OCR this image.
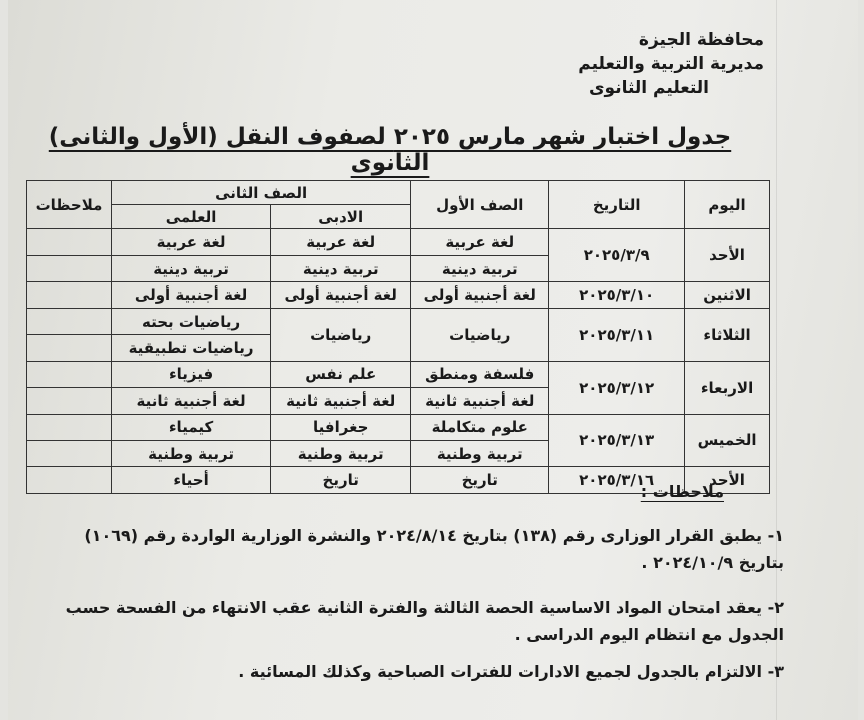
محافظة الجيزة
مديرية التربية والتعليم
التعليم الثانوى
جدول اختبار شهر مارس ٢٠٢٥ لصفوف النقل (الأول والثانى) الثانوى
اليوم	التاريخ	الصف الأول	الصف الثانى		ملاحظات
			الادبى	العلمى	
الأحد	٢٠٢٥/٣/٩	لغة عربية	لغة عربية	لغة عربية	
		تربية دينية	تربية دينية	تربية دينية	
الاثنين	٢٠٢٥/٣/١٠	لغة أجنبية أولى	لغة أجنبية أولى	لغة أجنبية أولى	
الثلاثاء	٢٠٢٥/٣/١١	رياضيات	رياضيات	رياضيات بحته	
				رياضيات تطبيقية	
الاربعاء	٢٠٢٥/٣/١٢	فلسفة ومنطق	علم نفس	فيزياء	
		لغة أجنبية ثانية	لغة أجنبية ثانية	لغة أجنبية ثانية	
الخميس	٢٠٢٥/٣/١٣	علوم متكاملة	جغرافيا	كيمياء	
		تربية وطنية	تربية وطنية	تربية وطنية	
الأحد	٢٠٢٥/٣/١٦	تاريخ	تاريخ	أحياء	
ملاحظات :
١- يطبق القرار الوزارى رقم (١٣٨) بتاريخ ٢٠٢٤/٨/١٤ والنشرة الوزارية الواردة رقم (١٠٦٩) بتاريخ ٢٠٢٤/١٠/٩ .
٢- يعقد امتحان المواد الاساسية الحصة الثالثة والفترة الثانية عقب الانتهاء من الفسحة حسب الجدول مع انتظام اليوم الدراسى .
٣- الالتزام بالجدول لجميع الادارات للفترات الصباحية وكذلك المسائية .
